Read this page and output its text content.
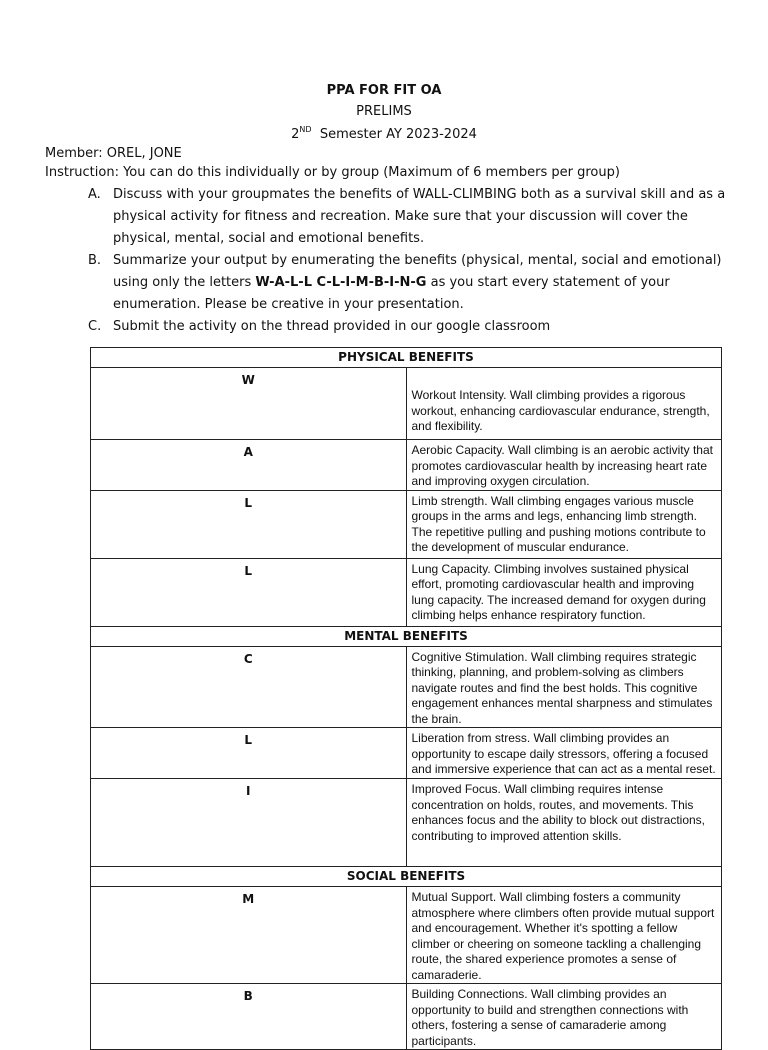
PPA FOR FIT OA
PRELIMS
2ND Semester AY 2023-2024
Member: OREL, JONE
Instruction: You can do this individually or by group (Maximum of 6 members per group)
A. Discuss with your groupmates the benefits of WALL-CLIMBING both as a survival skill and as a physical activity for fitness and recreation. Make sure that your discussion will cover the physical, mental, social and emotional benefits.
B. Summarize your output by enumerating the benefits (physical, mental, social and emotional) using only the letters W-A-L-L C-L-I-M-B-I-N-G as you start every statement of your enumeration. Please be creative in your presentation.
C. Submit the activity on the thread provided in our google classroom
PHYSICAL BENEFITS	
W	Workout Intensity. Wall climbing provides a rigorous workout, enhancing cardiovascular endurance, strength, and flexibility.
A	Aerobic Capacity. Wall climbing is an aerobic activity that promotes cardiovascular health by increasing heart rate and improving oxygen circulation.
L	Limb strength. Wall climbing engages various muscle groups in the arms and legs, enhancing limb strength. The repetitive pulling and pushing motions contribute to the development of muscular endurance.
L	Lung Capacity. Climbing involves sustained physical effort, promoting cardiovascular health and improving lung capacity. The increased demand for oxygen during climbing helps enhance respiratory function.
MENTAL BENEFITS	
C	Cognitive Stimulation. Wall climbing requires strategic thinking, planning, and problem-solving as climbers navigate routes and find the best holds. This cognitive engagement enhances mental sharpness and stimulates the brain.
L	Liberation from stress. Wall climbing provides an opportunity to escape daily stressors, offering a focused and immersive experience that can act as a mental reset.
I	Improved Focus. Wall climbing requires intense concentration on holds, routes, and movements. This enhances focus and the ability to block out distractions, contributing to improved attention skills.
SOCIAL BENEFITS	
M	Mutual Support. Wall climbing fosters a community atmosphere where climbers often provide mutual support and encouragement. Whether it's spotting a fellow climber or cheering on someone tackling a challenging route, the shared experience promotes a sense of camaraderie.
B	Building Connections. Wall climbing provides an opportunity to build and strengthen connections with others, fostering a sense of camaraderie among participants.
